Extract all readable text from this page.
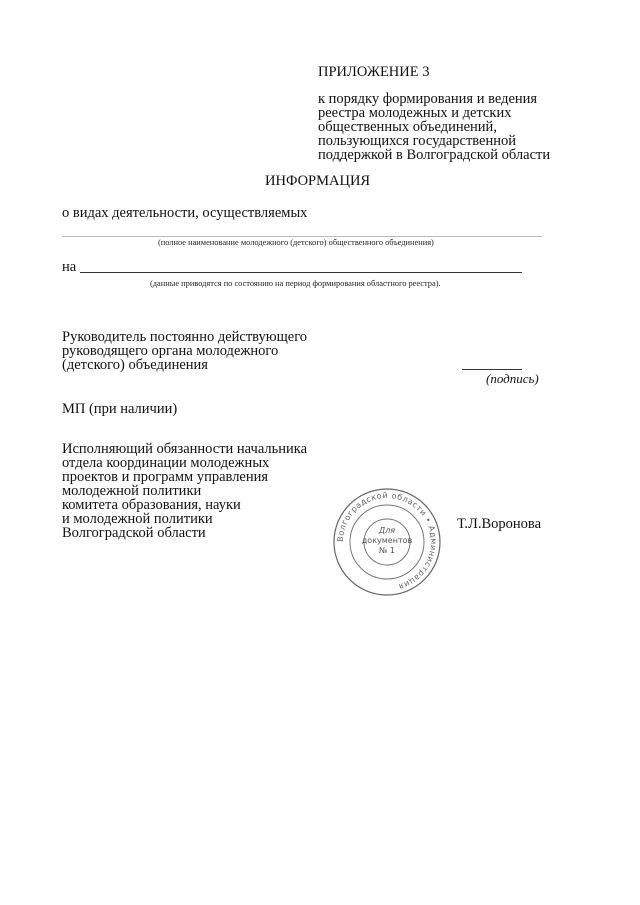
ПРИЛОЖЕНИЕ 3
к порядку формирования и ведения
реестра молодежных и детских
общественных объединений,
пользующихся государственной
поддержкой в Волгоградской области
ИНФОРМАЦИЯ
о видах деятельности, осуществляемых
(полное наименование молодежного (детского) общественного объединения)
на
(данные приводятся по состоянию на период формирования областного реестра).
Руководитель постоянно действующего
руководящего органа молодежного
(детского) объединения
(подпись)
МП (при наличии)
Исполняющий обязанности начальника
отдела координации молодежных
проектов и программ управления
молодежной политики
комитета образования, науки
и молодежной политики
Волгоградской области	Волгоградской области • Администрация
Для
документов
№ 1
Т.Л.Воронова
